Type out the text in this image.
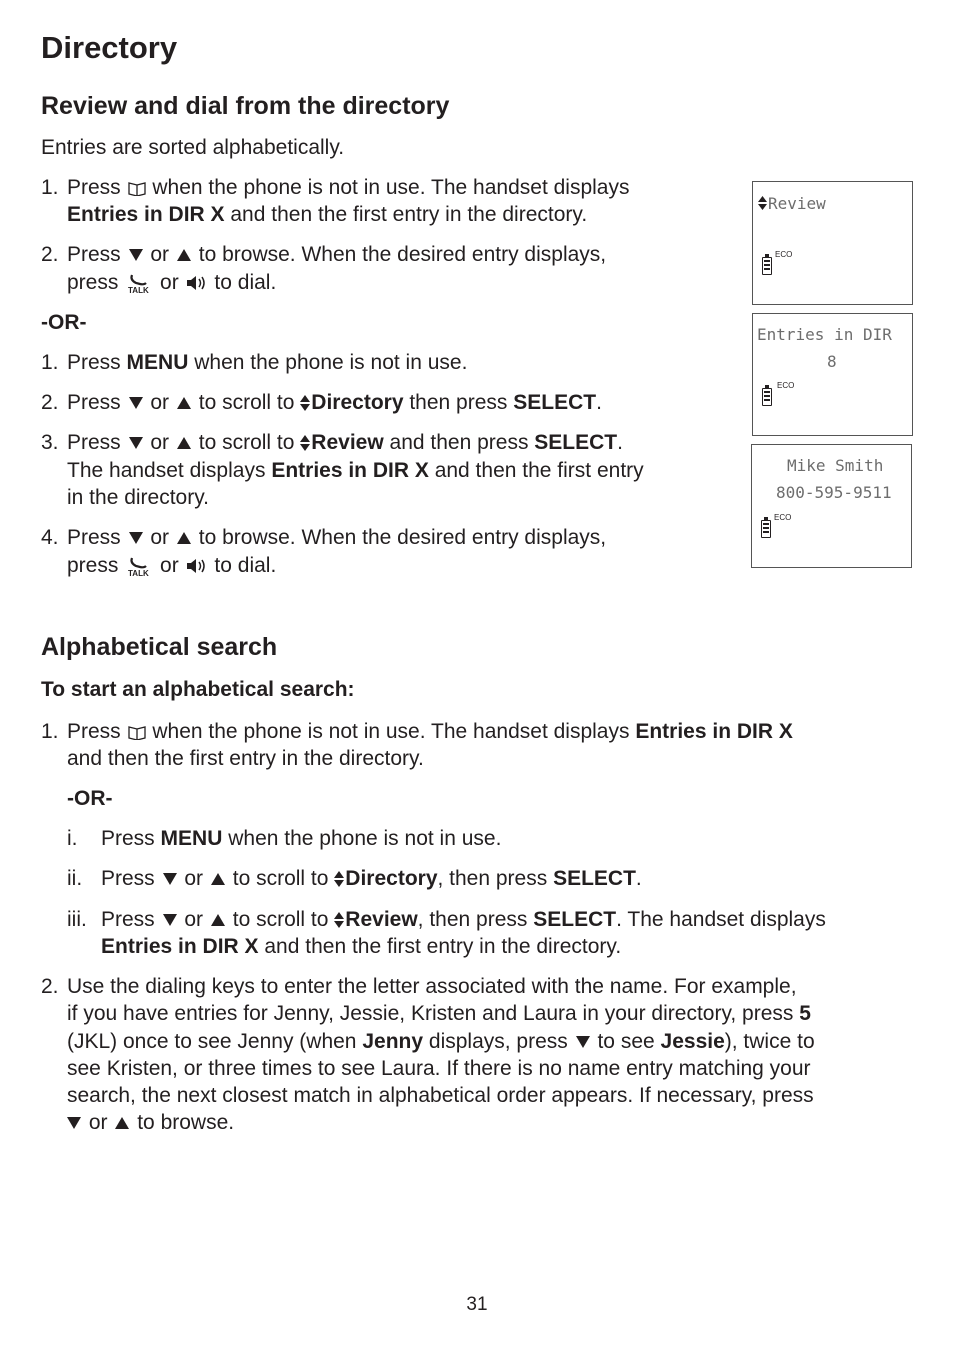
Directory
Review and dial from the directory
Entries are sorted alphabetically.
1. Press when the phone is not in use. The handset displays
Entries in DIR X and then the first entry in the directory.
2. Press or to browse. When the desired entry displays,
press TALK or to dial.
-OR-
1. Press MENU when the phone is not in use.
2. Press or to scroll to Directory then press SELECT.
3. Press or to scroll to Review and then press SELECT.
The handset displays Entries in DIR X and then the first entry
in the directory.
4. Press or to browse. When the desired entry displays,
press TALK or to dial.
Review
ECO
Entries in DIR
8
ECO
Mike Smith
800-595-9511
ECO
Alphabetical search
To start an alphabetical search:
1. Press when the phone is not in use. The handset displays Entries in DIR X
and then the first entry in the directory.
-OR-
i. Press MENU when the phone is not in use.
ii. Press or to scroll to Directory, then press SELECT.
iii. Press or to scroll to Review, then press SELECT. The handset displays
Entries in DIR X and then the first entry in the directory.
2. Use the dialing keys to enter the letter associated with the name. For example,
if you have entries for Jenny, Jessie, Kristen and Laura in your directory, press 5
(JKL) once to see Jenny (when Jenny displays, press to see Jessie), twice to
see Kristen, or three times to see Laura. If there is no name entry matching your
search, the next closest match in alphabetical order appears. If necessary, press
or to browse.
31
